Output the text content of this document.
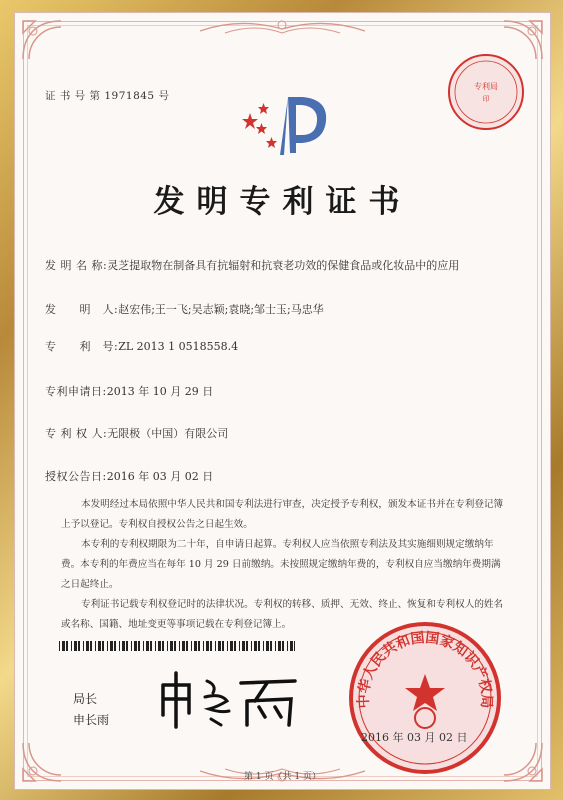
证 书 号 第 1971845 号
专利局
印
发明专利证书
发 明 名 称:灵芝提取物在制备具有抗辐射和抗衰老功效的保健食品或化妆品中的应用
发　　明　人:赵宏伟;王一飞;吴志颖;袁晓;邹士玉;马忠华
专　　利　号:ZL 2013 1 0518558.4
专利申请日:2013 年 10 月 29 日
专 利 权 人:无限极（中国）有限公司
授权公告日:2016 年 03 月 02 日

本发明经过本局依照中华人民共和国专利法进行审查，决定授予专利权，颁发本证书并在专利登记簿上予以登记。专利权自授权公告之日起生效。

本专利的专利权期限为二十年，自申请日起算。专利权人应当依照专利法及其实施细则规定缴纳年费。本专利的年费应当在每年 10 月 29 日前缴纳。未按照规定缴纳年费的，专利权自应当缴纳年费期满之日起终止。

专利证书记载专利权登记时的法律状况。专利权的转移、质押、无效、终止、恢复和专利权人的姓名或名称、国籍、地址变更等事项记载在专利登记簿上。

局长
申长雨
中华人民共和国国家知识产权局
2016 年 03 月 02 日
第 1 页（共 1 页）
